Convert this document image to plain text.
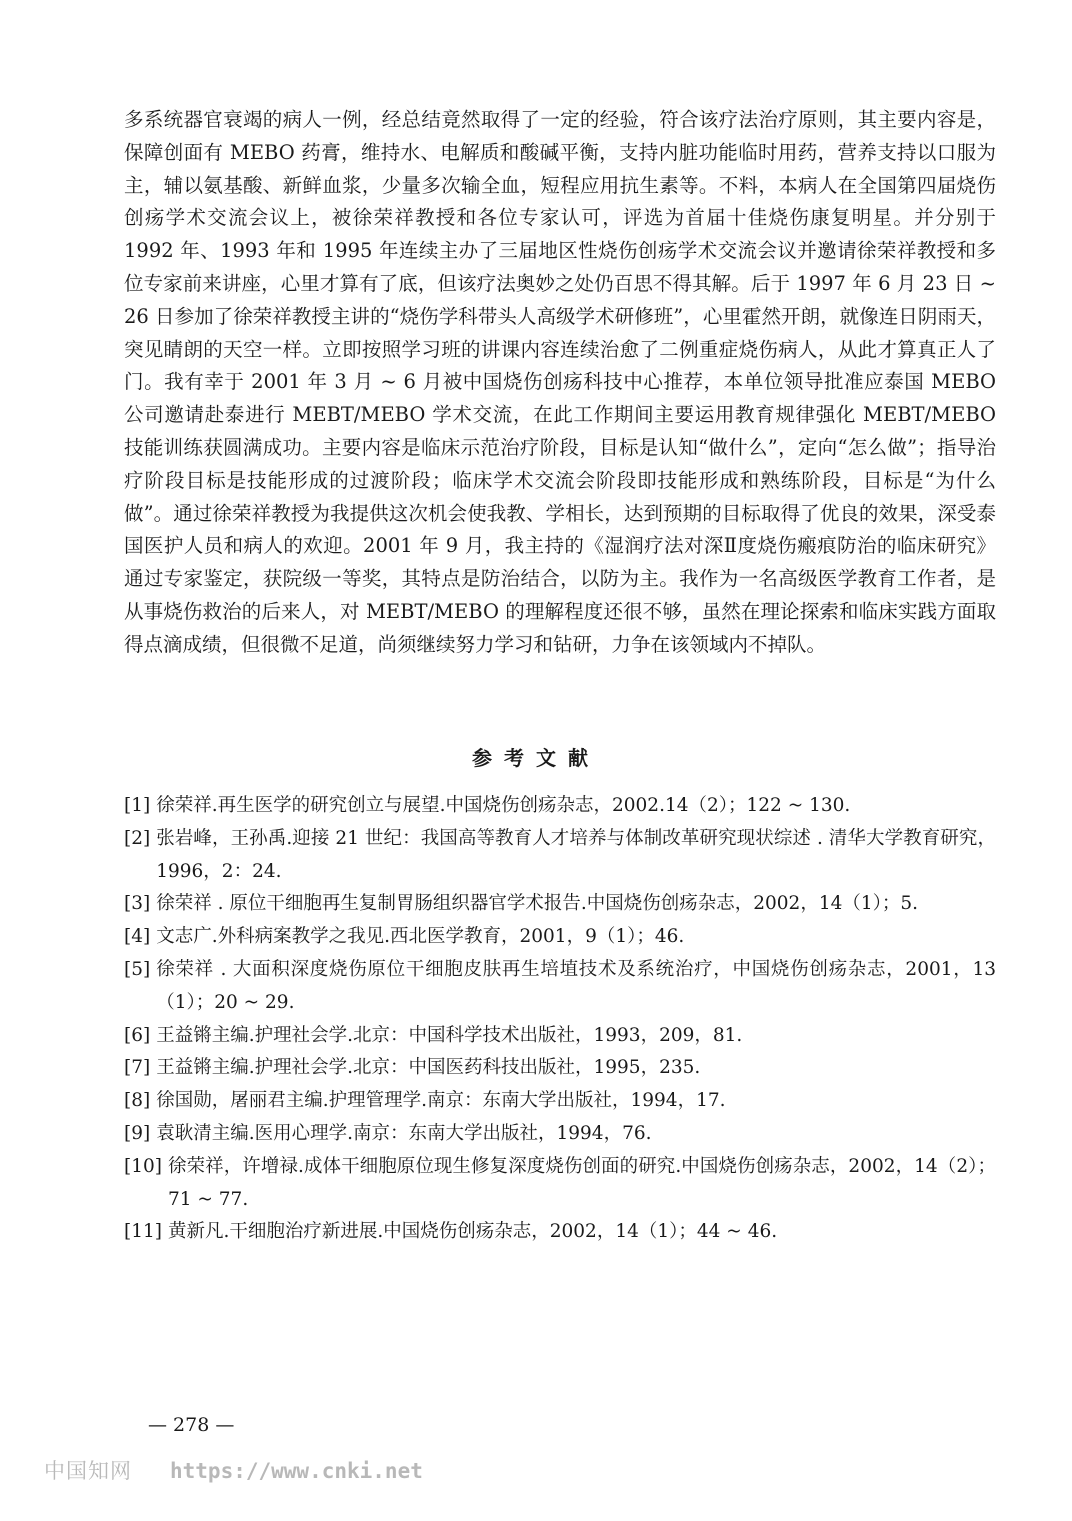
多系统器官衰竭的病人一例，经总结竟然取得了一定的经验，符合该疗法治疗原则，其主要内容是，保障创面有 MEBO 药膏，维持水、电解质和酸碱平衡，支持内脏功能临时用药，营养支持以口服为主，辅以氨基酸、新鲜血浆，少量多次输全血，短程应用抗生素等。不料，本病人在全国第四届烧伤创疡学术交流会议上，被徐荣祥教授和各位专家认可，评选为首届十佳烧伤康复明星。并分别于 1992 年、1993 年和 1995 年连续主办了三届地区性烧伤创疡学术交流会议并邀请徐荣祥教授和多位专家前来讲座，心里才算有了底，但该疗法奥妙之处仍百思不得其解。后于 1997 年 6 月 23 日 ~ 26 日参加了徐荣祥教授主讲的“烧伤学科带头人高级学术研修班”，心里霍然开朗，就像连日阴雨天，突见睛朗的天空一样。立即按照学习班的讲课内容连续治愈了二例重症烧伤病人，从此才算真正人了门。我有幸于 2001 年 3 月 ~ 6 月被中国烧伤创疡科技中心推荐，本单位领导批准应泰国 MEBO 公司邀请赴泰进行 MEBT/MEBO 学术交流，在此工作期间主要运用教育规律强化 MEBT/MEBO 技能训练获圆满成功。主要内容是临床示范治疗阶段，目标是认知“做什么”，定向“怎么做”；指导治疗阶段目标是技能形成的过渡阶段；临床学术交流会阶段即技能形成和熟练阶段，目标是“为什么做”。通过徐荣祥教授为我提供这次机会使我教、学相长，达到预期的目标取得了优良的效果，深受泰国医护人员和病人的欢迎。2001 年 9 月，我主持的《湿润疗法对深Ⅱ度烧伤瘢痕防治的临床研究》通过专家鉴定，获院级一等奖，其特点是防治结合，以防为主。我作为一名高级医学教育工作者，是从事烧伤救治的后来人，对 MEBT/MEBO 的理解程度还很不够，虽然在理论探索和临床实践方面取得点滴成绩，但很微不足道，尚须继续努力学习和钻研，力争在该领域内不掉队。

参考文献
[1] 徐荣祥.再生医学的研究创立与展望.中国烧伤创疡杂志，2002.14（2）；122 ~ 130.
[2] 张岩峰，王孙禹.迎接 21 世纪：我国高等教育人才培养与体制改革研究现状综述 . 清华大学教育研究，1996，2：24.
[3] 徐荣祥 . 原位干细胞再生复制胃肠组织器官学术报告.中国烧伤创疡杂志，2002，14（1）；5.
[4] 文志广.外科病案教学之我见.西北医学教育，2001，9（1）；46.
[5] 徐荣祥 . 大面积深度烧伤原位干细胞皮肤再生培埴技术及系统治疗，中国烧伤创疡杂志，2001，13（1）；20 ~ 29.
[6] 王益锵主编.护理社会学.北京：中国科学技术出版社，1993，209，81.
[7] 王益锵主编.护理社会学.北京：中国医药科技出版社，1995，235.
[8] 徐国勋，屠丽君主编.护理管理学.南京：东南大学出版社，1994，17.
[9] 袁耿清主编.医用心理学.南京：东南大学出版社，1994，76.
[10] 徐荣祥，许增禄.成体干细胞原位现生修复深度烧伤创面的研究.中国烧伤创疡杂志，2002，14（2）；71 ~ 77.
[11] 黄新凡.干细胞治疗新进展.中国烧伤创疡杂志，2002，14（1）；44 ~ 46.

— 278 —

中国知网 https://www.cnki.net
